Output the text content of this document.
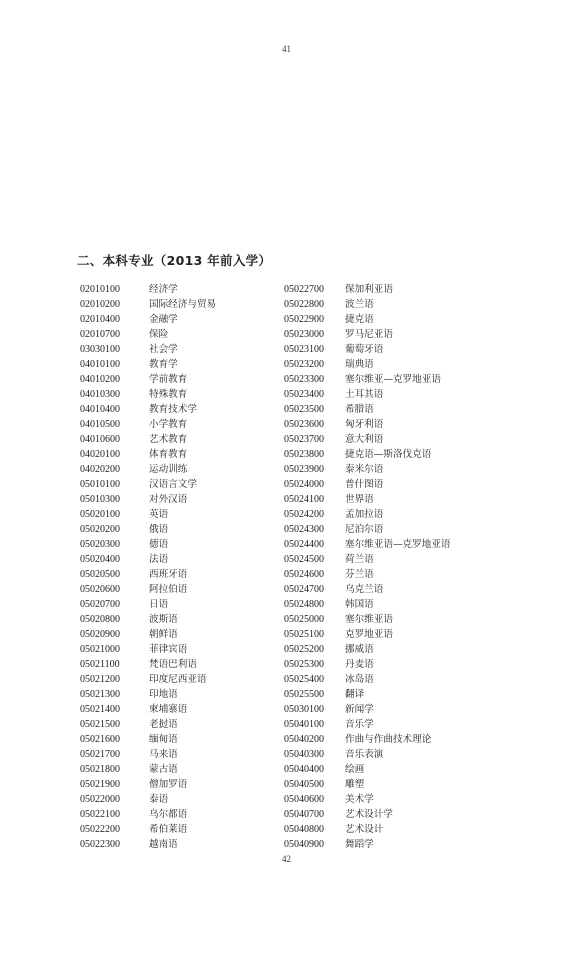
41
二、本科专业（2013 年前入学）
02010100	经济学
02010200	国际经济与贸易
02010400	金融学
02010700	保险
03030100	社会学
04010100	教育学
04010200	学前教育
04010300	特殊教育
04010400	教育技术学
04010500	小学教育
04010600	艺术教育
04020100	体育教育
04020200	运动训练
05010100	汉语言文学
05010300	对外汉语
05020100	英语
05020200	俄语
05020300	德语
05020400	法语
05020500	西班牙语
05020600	阿拉伯语
05020700	日语
05020800	波斯语
05020900	朝鲜语
05021000	菲律宾语
05021100	梵语巴利语
05021200	印度尼西亚语
05021300	印地语
05021400	柬埔寨语
05021500	老挝语
05021600	缅甸语
05021700	马来语
05021800	蒙古语
05021900	僧加罗语
05022000	泰语
05022100	乌尔都语
05022200	希伯莱语
05022300	越南语
05022700 保加利亚语
05022800 波兰语
05022900 捷克语
05023000 罗马尼亚语
05023100 葡萄牙语
05023200 瑞典语
05023300 塞尔维亚—克罗地亚语
05023400 土耳其语
05023500 希腊语
05023600 匈牙利语
05023700 意大利语
05023800 捷克语—斯洛伐克语
05023900 泰米尔语
05024000 普什图语
05024100 世界语
05024200 孟加拉语
05024300 尼泊尔语
05024400 塞尔维亚语—克罗地亚语
05024500 荷兰语
05024600 芬兰语
05024700 乌克兰语
05024800 韩国语
05025000 塞尔维亚语
05025100 克罗地亚语
05025200 挪威语
05025300 丹麦语
05025400 冰岛语
05025500 翻译
05030100 新闻学
05040100 音乐学
05040200 作曲与作曲技术理论
05040300 音乐表演
05040400 绘画
05040500 雕塑
05040600 美术学
05040700 艺术设计学
05040800 艺术设计
05040900 舞蹈学
42
